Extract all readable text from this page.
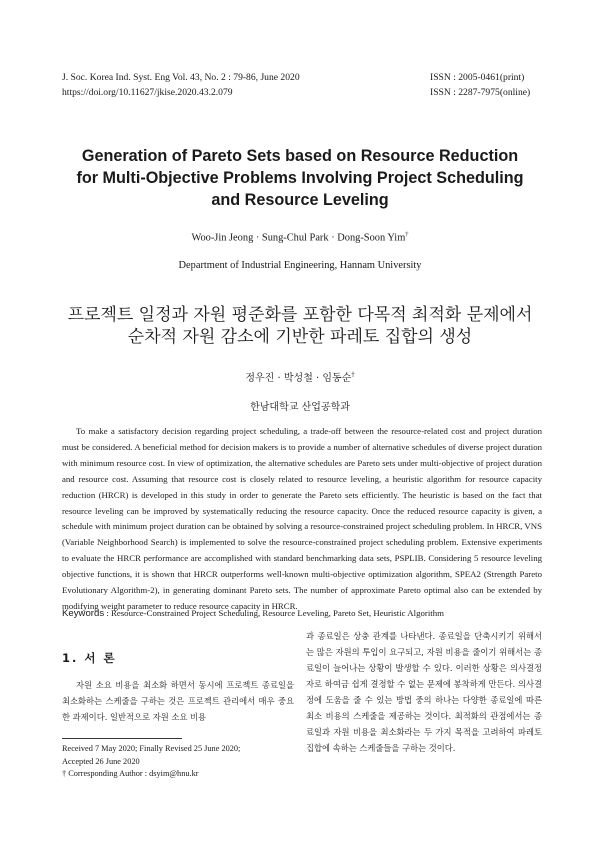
J. Soc. Korea Ind. Syst. Eng Vol. 43, No. 2 : 79-86, June 2020
https://doi.org/10.11627/jkise.2020.43.2.079
ISSN : 2005-0461(print)
ISSN : 2287-7975(online)
Generation of Pareto Sets based on Resource Reduction
for Multi-Objective Problems Involving Project Scheduling
and Resource Leveling
Woo-Jin Jeong · Sung-Chul Park · Dong-Soon Yim†
Department of Industrial Engineering, Hannam University
프로젝트 일정과 자원 평준화를 포함한 다목적 최적화 문제에서
순차적 자원 감소에 기반한 파레토 집합의 생성
정우진 · 박성철 · 임동순†
한남대학교 산업공학과
To make a satisfactory decision regarding project scheduling, a trade-off between the resource-related cost and project duration must be considered. A beneficial method for decision makers is to provide a number of alternative schedules of diverse project duration with minimum resource cost. In view of optimization, the alternative schedules are Pareto sets under multi-objective of project duration and resource cost. Assuming that resource cost is closely related to resource leveling, a heuristic algorithm for resource capacity reduction (HRCR) is developed in this study in order to generate the Pareto sets efficiently. The heuristic is based on the fact that resource leveling can be improved by systematically reducing the resource capacity. Once the reduced resource capacity is given, a schedule with minimum project duration can be obtained by solving a resource-constrained project scheduling problem. In HRCR, VNS (Variable Neighborhood Search) is implemented to solve the resource-constrained project scheduling problem. Extensive experiments to evaluate the HRCR performance are accomplished with standard benchmarking data sets, PSPLIB. Considering 5 resource leveling objective functions, it is shown that HRCR outperforms well-known multi-objective optimization algorithm, SPEA2 (Strength Pareto Evolutionary Algorithm-2), in generating dominant Pareto sets. The number of approximate Pareto optimal also can be extended by modifying weight parameter to reduce resource capacity in HRCR.
Keywords : Resource-Constrained Project Scheduling, Resource Leveling, Pareto Set, Heuristic Algorithm
1. 서 론
자원 소요 비용을 최소화 하면서 동시에 프로젝트 종료일을 최소화하는 스케줄을 구하는 것은 프로젝트 관리에서 매우 중요한 과제이다. 일반적으로 자원 소요 비용
Received 7 May 2020; Finally Revised 25 June 2020;
Accepted 26 June 2020
† Corresponding Author : dsyim@hnu.kr
과 종료일은 상충 관계를 나타낸다. 종료일을 단축시키기 위해서는 많은 자원의 투입이 요구되고, 자원 비용을 줄이기 위해서는 종료일이 늘어나는 상황이 발생할 수 있다. 이러한 상황은 의사결정자로 하여금 쉽게 결정할 수 없는 문제에 봉착하게 만든다. 의사결정에 도움을 줄 수 있는 방법 중의 하나는 다양한 종료일에 따른 최소 비용의 스케줄을 제공하는 것이다. 최적화의 관점에서는 종료일과 자원 비용을 최소화라는 두 가지 목적을 고려하여 파레토 집합에 속하는 스케줄들을 구하는 것이다.
